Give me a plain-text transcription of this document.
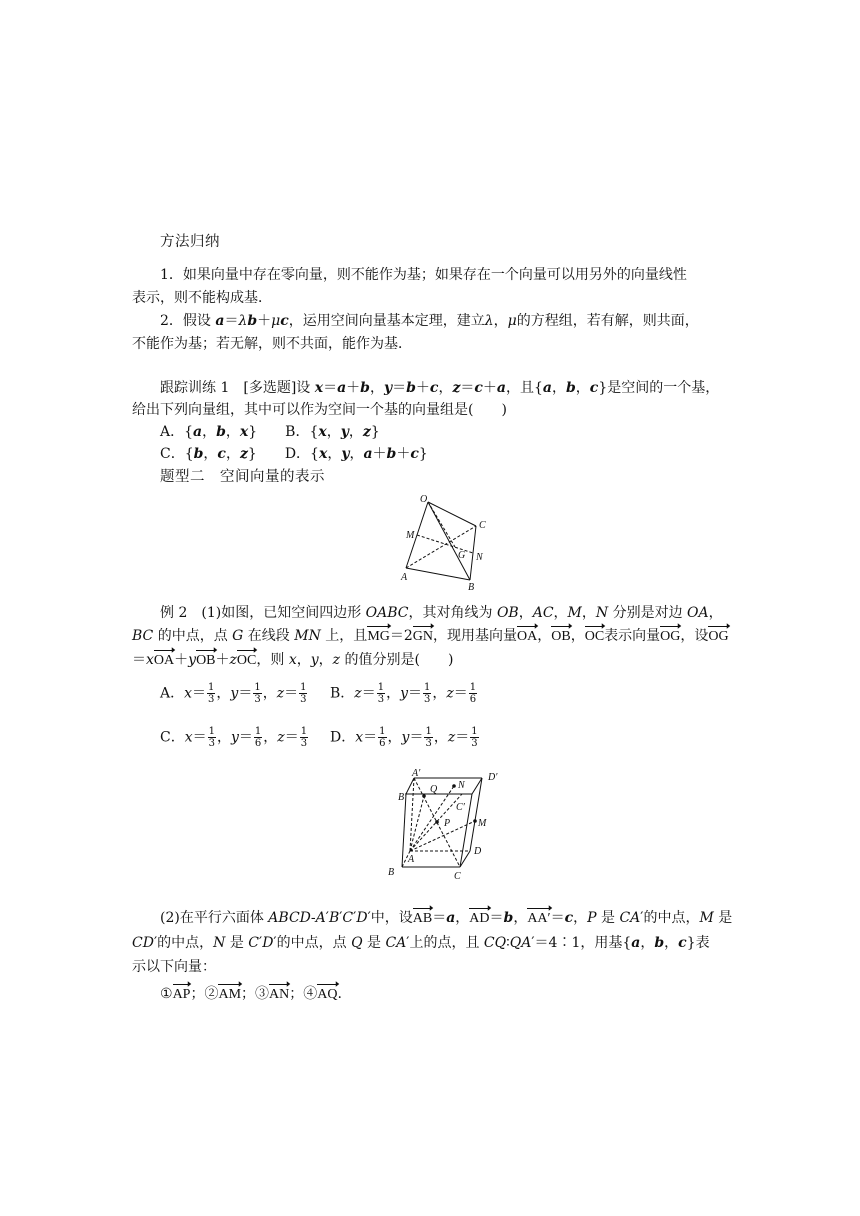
方法归纳
1．如果向量中存在零向量，则不能作为基；如果存在一个向量可以用另外的向量线性
表示，则不能构成基．
2．假设 a＝λb＋μc，运用空间向量基本定理，建立λ，μ的方程组，若有解，则共面，
不能作为基；若无解，则不共面，能作为基．
跟踪训练 1　[多选题]设 x＝a＋b，y＝b＋c，z＝c＋a，且{a，b，c}是空间的一个基，
给出下列向量组，其中可以作为空间一个基的向量组是(　　)
A．{a，b，x}　　B．{x，y，z}
C．{b，c，z}　　D．{x，y，a＋b＋c}
题型二　空间向量的表示
O
C
M
G N
A
B
例 2　(1)如图，已知空间四边形 OABC，其对角线为 OB，AC，M，N 分别是对边 OA，
BC 的中点，点 G 在线段 MN 上，且MG＝2GN，现用基向量OA，OB，OC表示向量OG，设OG
＝xOA＋yOB＋zOC，则 x，y，z 的值分别是(　　)
A．$x= \frac{1}{3}$ ，$y= \frac{1}{3}$ ，$z= \frac{1}{3}$ B．$z= \frac{1}{3}$ ，$y= \frac{1}{3}$ ，$z= \frac{1}{6}$
C．$x= \frac{1}{3}$ ，$y= \frac{1}{6}$ ，$z= \frac{1}{3}$ D．$x= \frac{1}{6}$ ，$y= \frac{1}{3}$ ，$z= \frac{1}{3}$
A′	D′
N
Q
B′
C′
P	M
A
D
B	C
(2)在平行六面体 ABCD-A′B′C′D′中，设AB＝a，AD＝b，AA′＝c，P 是 CA′的中点，M 是
CD′的中点，N 是 C′D′的中点，点 Q 是 CA′上的点，且 CQ∶QA′＝4∶1，用基{a，b，c}表
示以下向量：
①AP；②AM；③AN；④AQ.
